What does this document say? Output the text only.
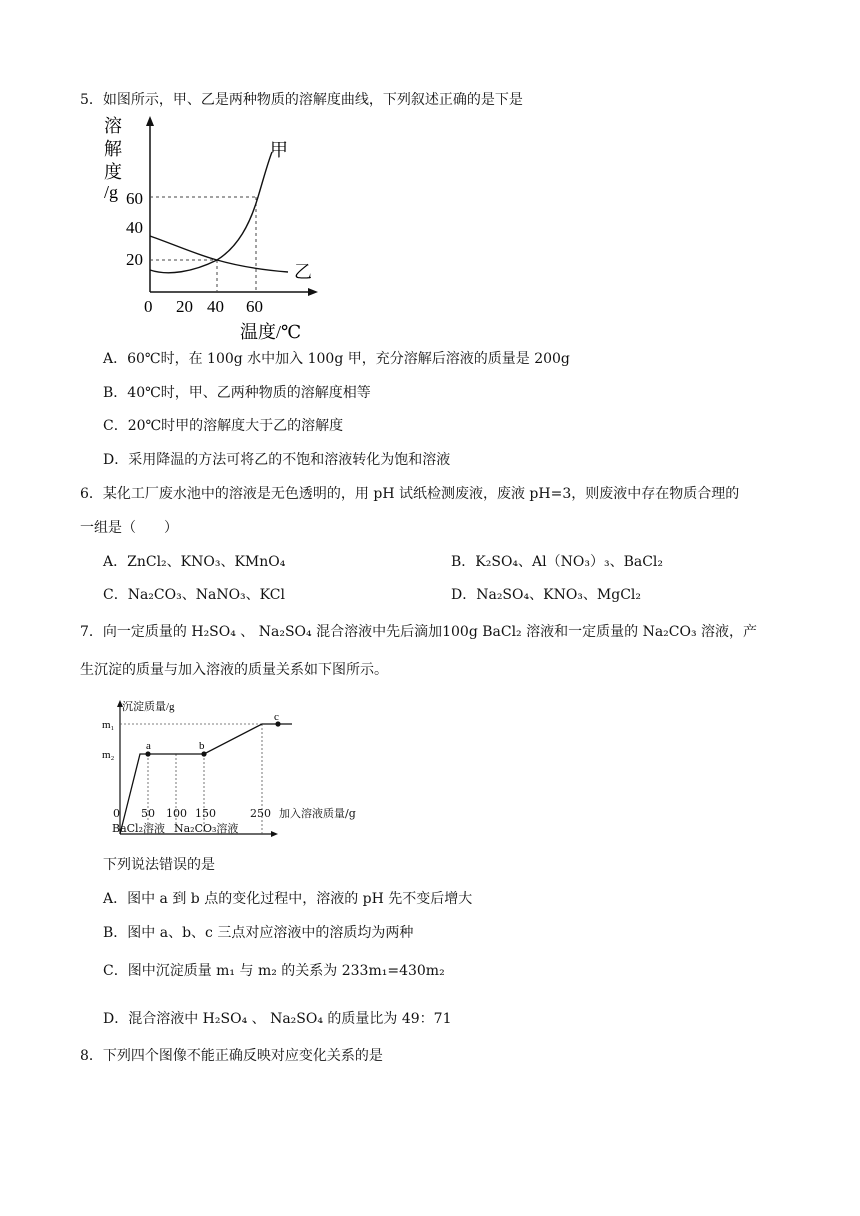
5．如图所示，甲、乙是两种物质的溶解度曲线，下列叙述正确的是下是
溶
解
度
/g 60
40
20
0 20 40 60
温度/℃
甲
乙
A．60℃时，在 100g 水中加入 100g 甲，充分溶解后溶液的质量是 200g
B．40℃时，甲、乙两种物质的溶解度相等
C．20℃时甲的溶解度大于乙的溶解度
D．采用降温的方法可将乙的不饱和溶液转化为饱和溶液
6．某化工厂废水池中的溶液是无色透明的，用 pH 试纸检测废液，废液 pH=3，则废液中存在物质合理的
一组是（　　）
A．ZnCl₂、KNO₃、KMnO₄	B．K₂SO₄、Al（NO₃）₃、BaCl₂
C．Na₂CO₃、NaNO₃、KCl	D．Na₂SO₄、KNO₃、MgCl₂
7．向一定质量的 H₂SO₄ 、 Na₂SO₄ 混合溶液中先后滴加100g BaCl₂ 溶液和一定质量的 Na₂CO₃ 溶液，产
生沉淀的质量与加入溶液的质量关系如下图所示。
沉淀质量/g
m₁
m₂
a	b
c
0 50 100 150	250 加入溶液质量/g
BaCl₂溶液 Na₂CO₃溶液
下列说法错误的是
A．图中 a 到 b 点的变化过程中，溶液的 pH 先不变后增大
B．图中 a、b、c 三点对应溶液中的溶质均为两种
C．图中沉淀质量 m₁ 与 m₂ 的关系为 233m₁=430m₂
D．混合溶液中 H₂SO₄ 、 Na₂SO₄ 的质量比为 49：71
8．下列四个图像不能正确反映对应变化关系的是
